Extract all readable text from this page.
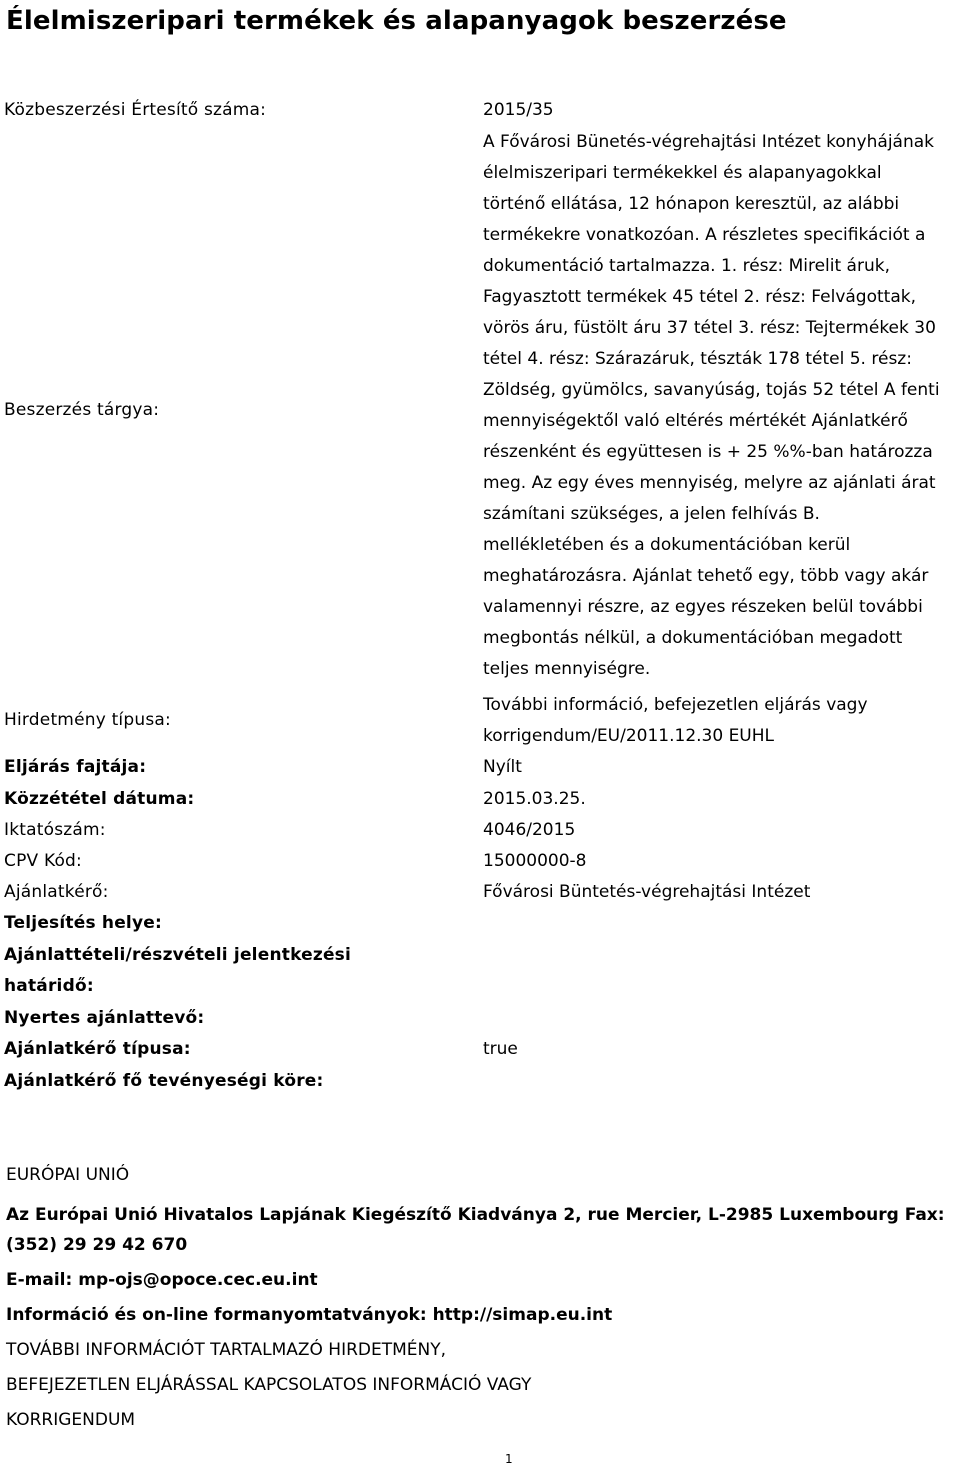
Élelmiszeripari termékek és alapanyagok beszerzése
Közbeszerzési Értesítő száma:	2015/35
Beszerzés tárgya:
A Fővárosi Bünetés-végrehajtási Intézet konyhájának élelmiszeripari termékekkel és alapanyagokkal történő ellátása, 12 hónapon keresztül, az alábbi termékekre vonatkozóan. A részletes specifikációt a dokumentáció tartalmazza. 1. rész: Mirelit áruk, Fagyasztott termékek 45 tétel 2. rész: Felvágottak, vörös áru, füstölt áru 37 tétel 3. rész: Tejtermékek 30 tétel 4. rész: Szárazáruk, tészták 178 tétel 5. rész: Zöldség, gyümölcs, savanyúság, tojás 52 tétel A fenti mennyiségektől való eltérés mértékét Ajánlatkérő részenként és együttesen is + 25 %%-ban határozza meg. Az egy éves mennyiség, melyre az ajánlati árat számítani szükséges, a jelen felhívás B. mellékletében és a dokumentációban kerül meghatározásra. Ajánlat tehető egy, több vagy akár valamennyi részre, az egyes részeken belül további megbontás nélkül, a dokumentációban megadott teljes mennyiségre.
Hirdetmény típusa:
További információ, befejezetlen eljárás vagy korrigendum/EU/2011.12.30 EUHL
Eljárás fajtája:	Nyílt
Közzététel dátuma:	2015.03.25.
Iktatószám:	4046/2015
CPV Kód:	15000000-8
Ajánlatkérő:	Fővárosi Büntetés-végrehajtási Intézet
Teljesítés helye:
Ajánlattételi/részvételi jelentkezési
határidő:
Nyertes ajánlattevő:
Ajánlatkérő típusa:	true
Ajánlatkérő fő tevényeségi köre:

EURÓPAI UNIÓ

Az Európai Unió Hivatalos Lapjának Kiegészítő Kiadványa 2, rue Mercier, L-2985 Luxembourg Fax: (352) 29 29 42 670

E-mail: mp-ojs@opoce.cec.eu.int

Információ és on-line formanyomtatványok: http://simap.eu.int

TOVÁBBI INFORMÁCIÓT TARTALMAZÓ HIRDETMÉNY,

BEFEJEZETLEN ELJÁRÁSSAL KAPCSOLATOS INFORMÁCIÓ VAGY

KORRIGENDUM

1
